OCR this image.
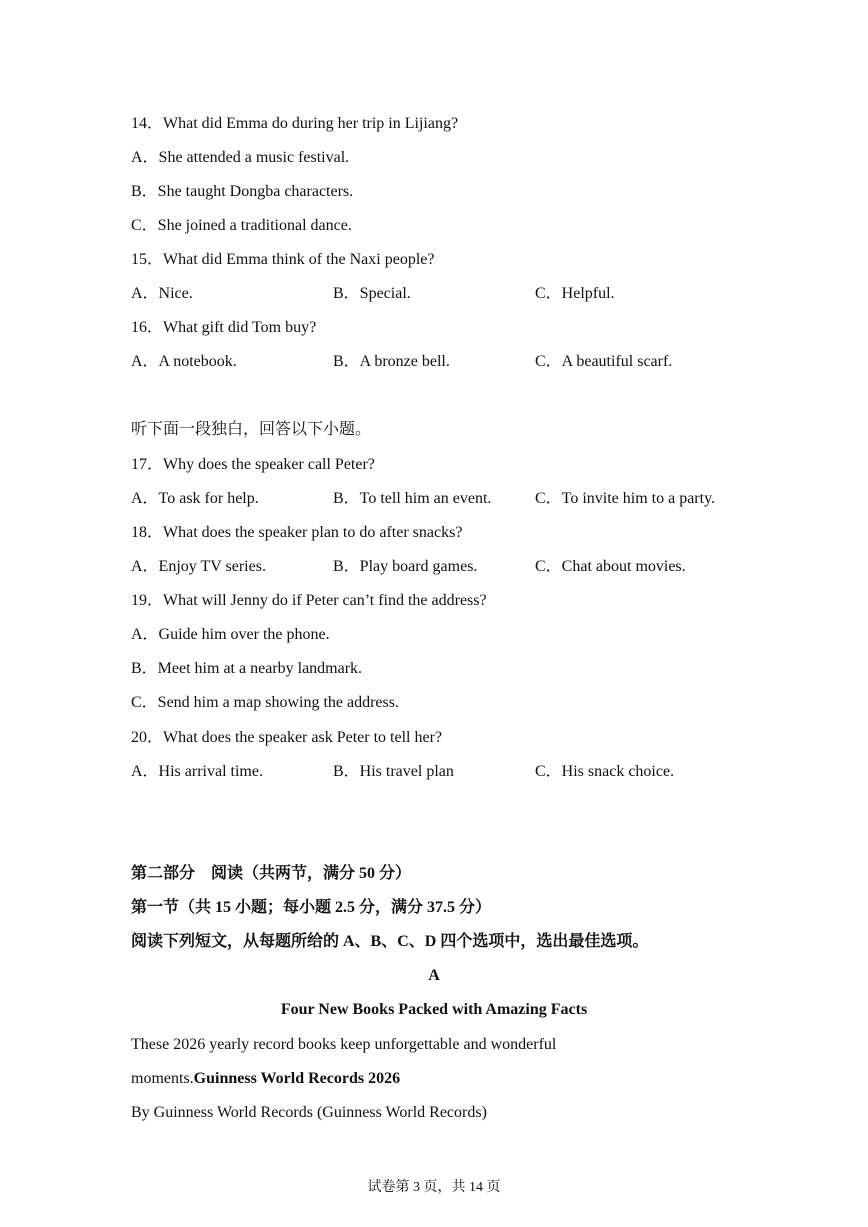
14．What did Emma do during her trip in Lijiang?
A．She attended a music festival.
B．She taught Dongba characters.
C．She joined a traditional dance.
15．What did Emma think of the Naxi people?
A．Nice.	B．Special.	C．Helpful.
16．What gift did Tom buy?
A．A notebook.	B．A bronze bell.	C．A beautiful scarf.
听下面一段独白，回答以下小题。
17．Why does the speaker call Peter?
A．To ask for help.	B．To tell him an event.	C．To invite him to a party.
18．What does the speaker plan to do after snacks?
A．Enjoy TV series.	B．Play board games.	C．Chat about movies.
19．What will Jenny do if Peter can’t find the address?
A．Guide him over the phone.
B．Meet him at a nearby landmark.
C．Send him a map showing the address.
20．What does the speaker ask Peter to tell her?
A．His arrival time.	B．His travel plan	C．His snack choice.
第二部分　阅读（共两节，满分 50 分）
第一节（共 15 小题；每小题 2.5 分，满分 37.5 分）
阅读下列短文，从每题所给的 A、B、C、D 四个选项中，选出最佳选项。
A
Four New Books Packed with Amazing Facts
These 2026 yearly record books keep unforgettable and wonderful
moments.Guinness World Records 2026
By Guinness World Records (Guinness World Records)
试卷第 3 页，共 14 页
